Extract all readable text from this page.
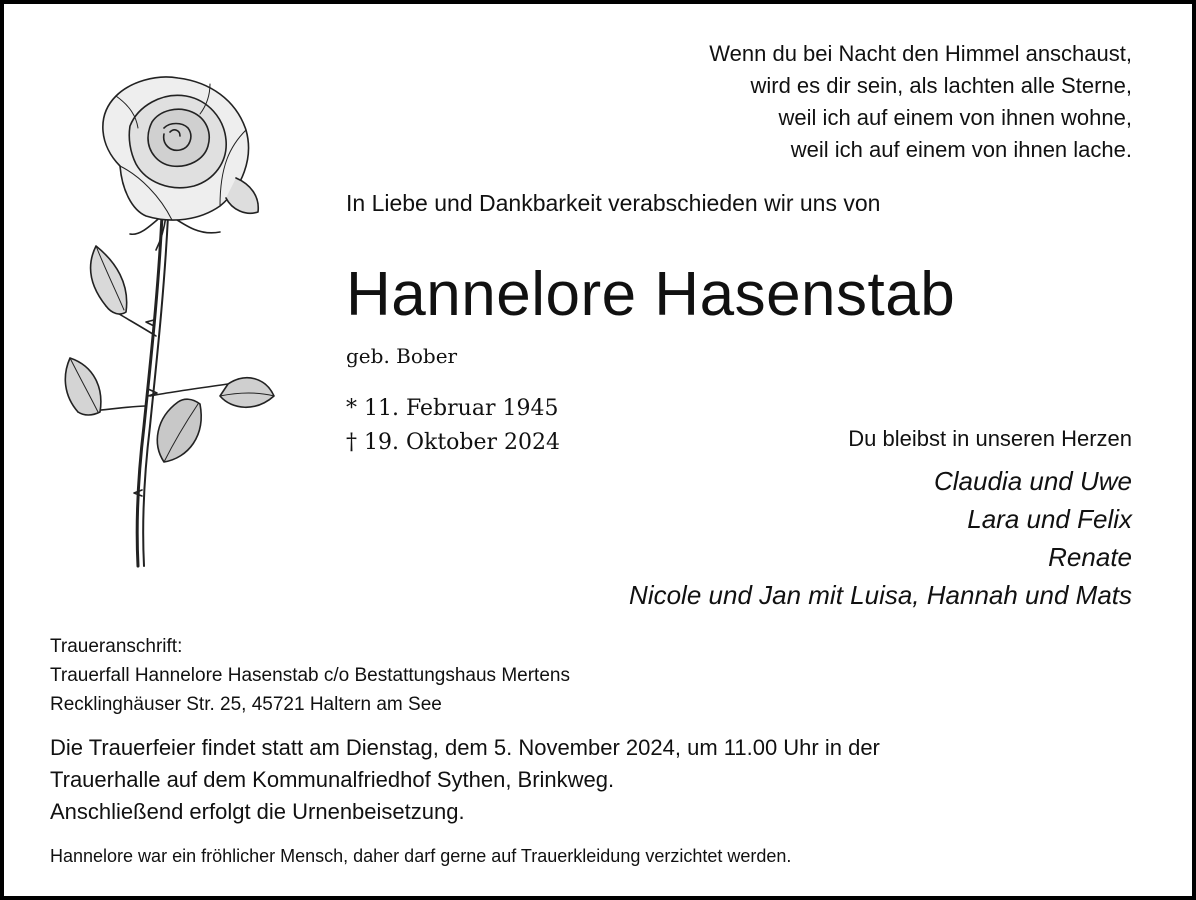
Wenn du bei Nacht den Himmel anschaust,
wird es dir sein, als lachten alle Sterne,
weil ich auf einem von ihnen wohne,
weil ich auf einem von ihnen lache.
In Liebe und Dankbarkeit verabschieden wir uns von
Hannelore Hasenstab
geb. Bober
* 11. Februar 1945
† 19. Oktober 2024	Du bleibst in unseren Herzen
Claudia und Uwe
Lara und Felix
Renate
Nicole und Jan mit Luisa, Hannah und Mats
Traueranschrift:
Trauerfall Hannelore Hasenstab c/o Bestattungshaus Mertens
Recklinghäuser Str. 25, 45721 Haltern am See
Die Trauerfeier findet statt am Dienstag, dem 5. November 2024, um 11.00 Uhr in der
Trauerhalle auf dem Kommunalfriedhof Sythen, Brinkweg.
Anschließend erfolgt die Urnenbeisetzung.
Hannelore war ein fröhlicher Mensch, daher darf gerne auf Trauerkleidung verzichtet werden.
